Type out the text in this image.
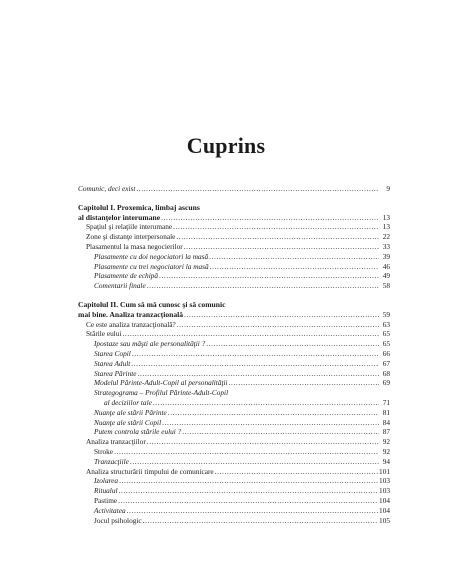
Cuprins
Comunic, deci exist . . .	9
Capitolul I. Proxemica, limbaj ascuns
al distanţelor interumane . . .	13
Spaţiul şi relaţiile interumane . . .	13
Zone şi distanţe interpersonale . . .	22
Plasamentul la masa negocierilor . . .	33
Plasamente cu doi negociatori la masă . . .	39
Plasamente cu trei negociatori la masă . . .	46
Plasamente de echipă . . .	49
Comentarii finale . . .	58
Capitolul II. Cum să mă cunosc şi să comunic
mai bine. Analiza tranzacţională . . .	59
Ce este analiza tranzacţională? . . .	63
Stările eului . . .	65
Ipostaze sau măşti ale personalităţii ? . . .	65
Starea Copil . . .	66
Starea Adult . . .	67
Starea Părinte . . .	68
Modelul Părinte-Adult-Copil al personalităţii . . .	69
Strategograma – Profilul Părinte-Adult-Copil
al deciziilor tale . . .	71
Nuanţe ale stării Părinte . . .	81
Nuanţe ale stării Copil . . .	84
Putem controla stările eului ? . . .	87
Analiza tranzacţiilor . . .	92
Stroke . . .	92
Tranzacţiile . . .	94
Analiza structurării timpului de comunicare . . .	101
Izolarea . . .	103
Ritualul . . .	103
Pastime . . .	104
Activitatea . . .	104
Jocul psihologic . . .	105
